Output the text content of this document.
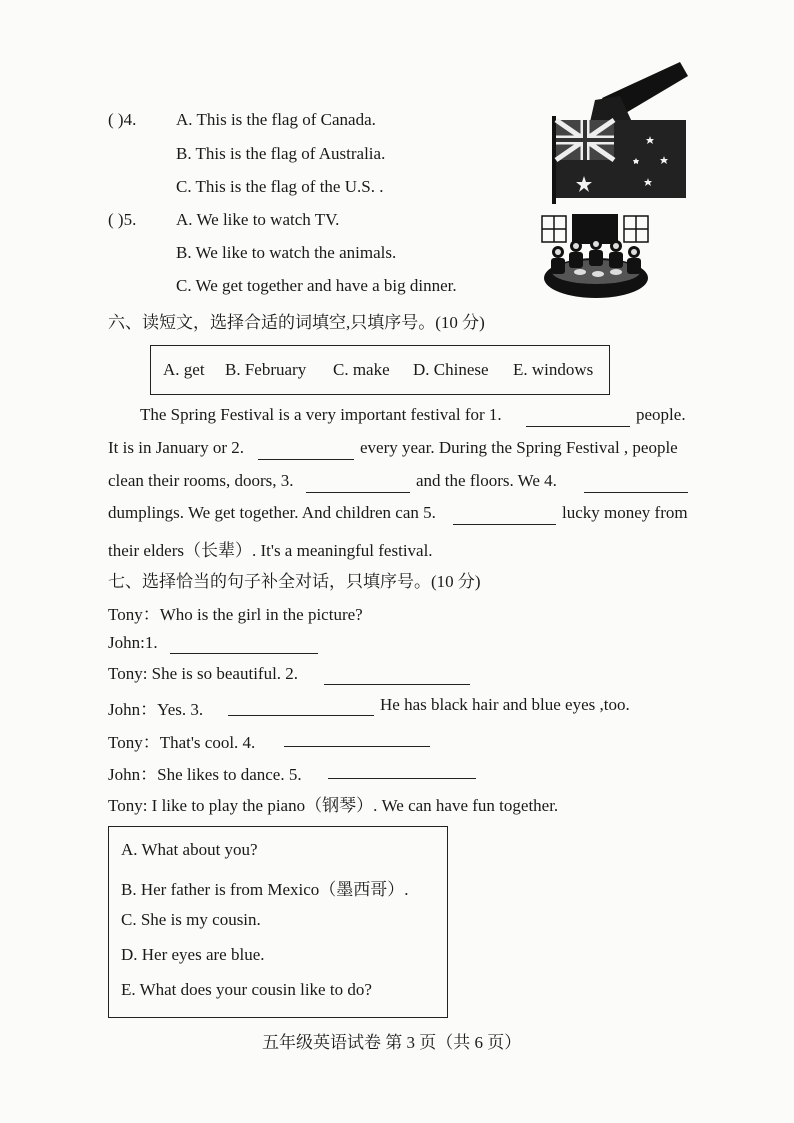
( )4. A. This is the flag of Canada.
B. This is the flag of Australia.
C. This is the flag of the U.S. .
( )5. A. We like to watch TV.
B. We like to watch the animals.
C. We get together and have a big dinner.
六、读短文，选择合适的词填空,只填序号。(10 分)
A. get B. February C. make D. Chinese E. windows
The Spring Festival is a very important festival for 1.	people.
It is in January or 2.	every year. During the Spring Festival , people
clean their rooms, doors, 3.	and the floors. We 4.
dumplings. We get together. And children can 5.	lucky money from
their elders（长辈）. It's a meaningful festival.
七、选择恰当的句子补全对话，只填序号。(10 分)
Tony：Who is the girl in the picture?
John:1.
Tony: She is so beautiful. 2.
John：Yes. 3.	He has black hair and blue eyes ,too.
Tony：That's cool. 4.
John：She likes to dance. 5.
Tony: I like to play the piano（钢琴）. We can have fun together.
A. What about you?
B. Her father is from Mexico（墨西哥）.
C. She is my cousin.
D. Her eyes are blue.
E. What does your cousin like to do?
五年级英语试卷 第 3 页（共 6 页）
